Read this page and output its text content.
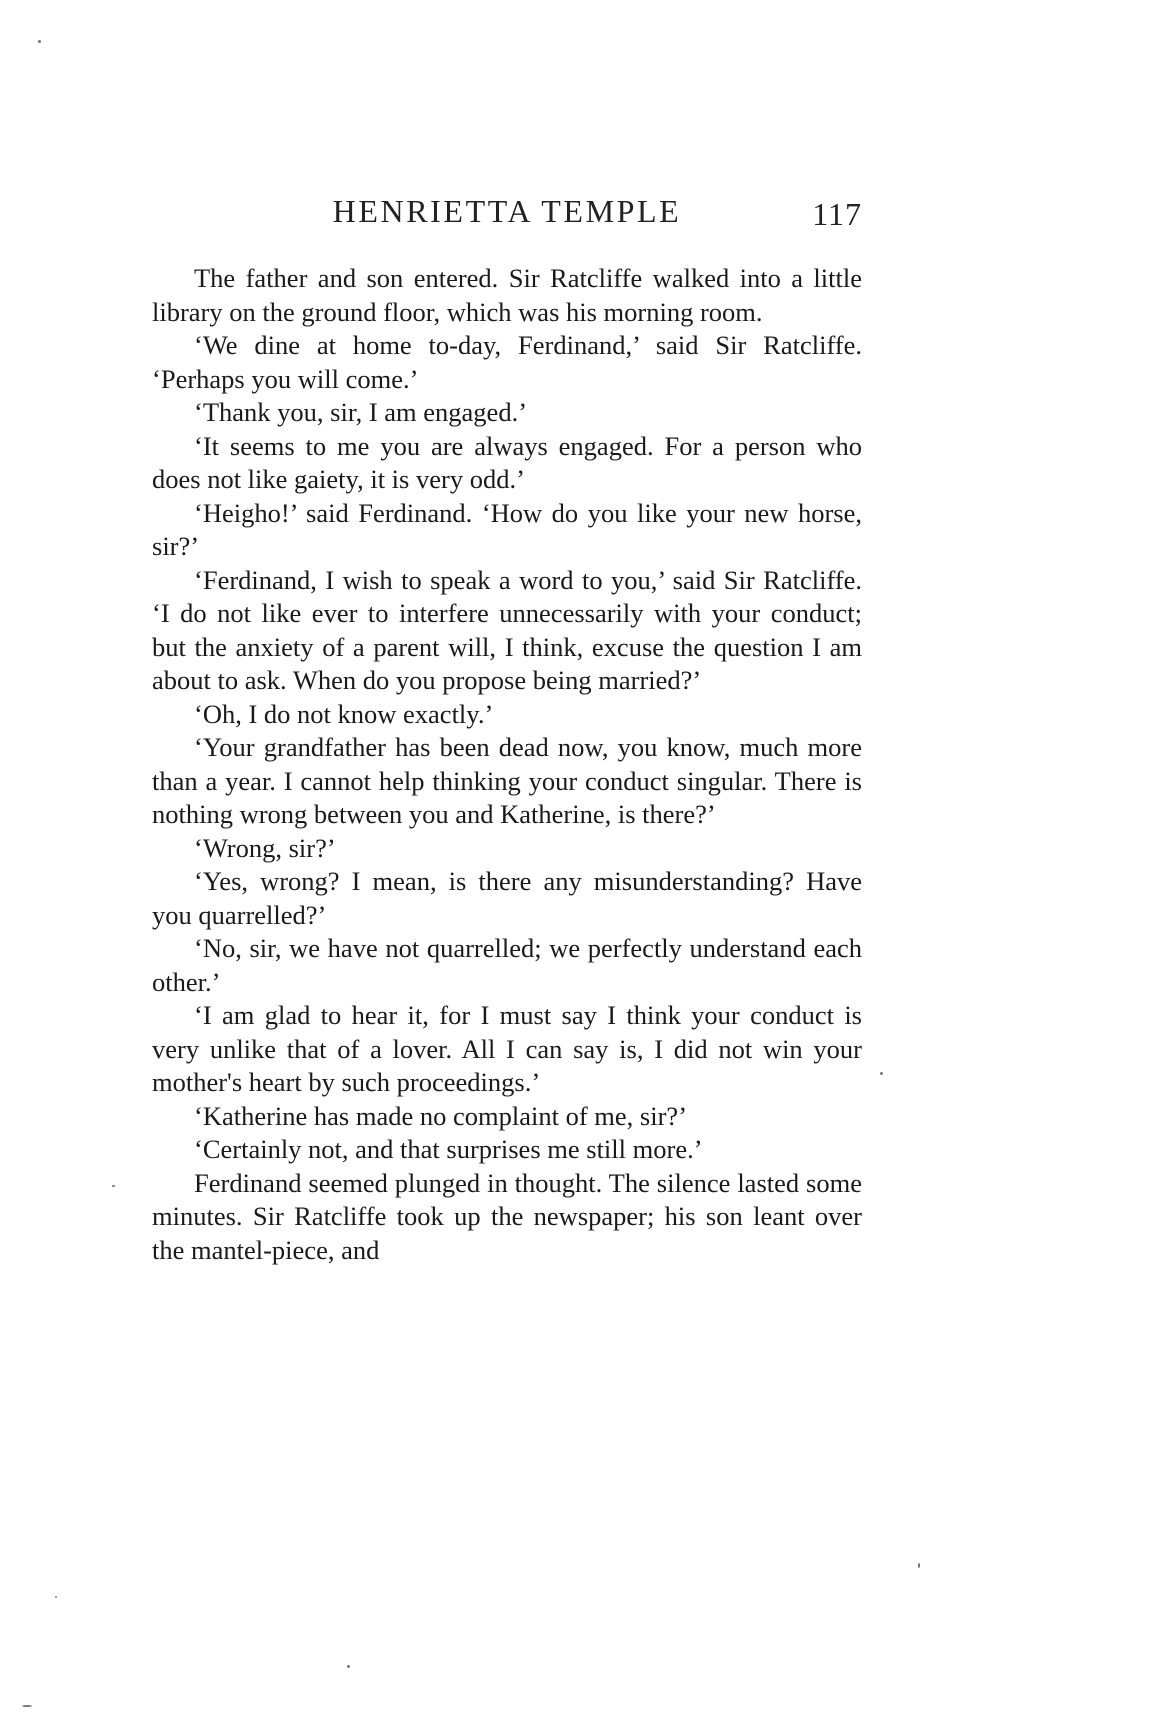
HENRIETTA TEMPLE	117

The father and son entered. Sir Ratcliffe walked into a little library on the ground floor, which was his morning room.

‘We dine at home to-day, Ferdinand,’ said Sir Ratcliffe. ‘Perhaps you will come.’

‘Thank you, sir, I am engaged.’

‘It seems to me you are always engaged. For a person who does not like gaiety, it is very odd.’

‘Heigho!’ said Ferdinand. ‘How do you like your new horse, sir?’

‘Ferdinand, I wish to speak a word to you,’ said Sir Ratcliffe. ‘I do not like ever to interfere unnecessarily with your conduct; but the anxiety of a parent will, I think, excuse the question I am about to ask. When do you propose being married?’

‘Oh, I do not know exactly.’

‘Your grandfather has been dead now, you know, much more than a year. I cannot help thinking your conduct singular. There is nothing wrong between you and Katherine, is there?’

‘Wrong, sir?’

‘Yes, wrong? I mean, is there any misunderstanding? Have you quarrelled?’

‘No, sir, we have not quarrelled; we perfectly understand each other.’

‘I am glad to hear it, for I must say I think your conduct is very unlike that of a lover. All I can say is, I did not win your mother's heart by such proceedings.’

‘Katherine has made no complaint of me, sir?’

‘Certainly not, and that surprises me still more.’

Ferdinand seemed plunged in thought. The silence lasted some minutes. Sir Ratcliffe took up the newspaper; his son leant over the mantel-piece, and
